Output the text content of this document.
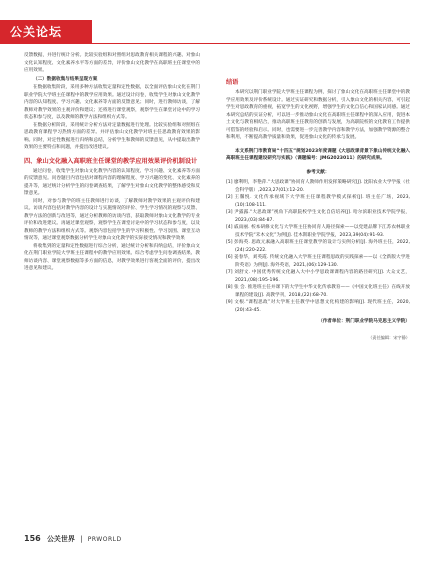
公关论坛

反馈数据，并进行统计分析。比较实验组和对照组对思政教育相关课程的兴趣、对象山文化认知程度、文化素养水平等方面的差异，评价象山文化教学在高职班主任课堂中的应用效果。

（二）数据收集与结果呈现方案

在数据收集阶段，采用多种方法收集定量和定性数据，以全面评估象山文化在荆门职业学院大学班主任课程中的教学应用效果。通过设计问卷，收集学生对象山文化教学内容的认知程度、学习兴趣、文化素养等方面的反馈意见；同时，进行教师访谈，了解教师对教学效果的主观评价和建议；还将进行课堂观察，观察学生在课堂讨论中的学习状态和参与度，以及教师的教学方法和组织方式等。

在数据分析阶段，采用统计分析方法对定量数据进行处理。比较实验组和对照组在思政教育课程学习热情方面的差异。并评估象山文化教学对班主任思政教育效果的影响。同时，对定性数据进行归纳和总结，分析学生和教师的反馈意见，从中提取出教学效果的主要特点和问题，并提出改进建议。

四、象山文化融入高职班主任课堂的教学应用效果评价机制设计

通过问卷，收集学生对象山文化教学内容的认知程度、学习兴趣、文化素养等方面的反馈意见。问卷题目内容包括对课程内容的理解程度、学习兴趣的变化、文化素养的提升等，通过统计分析学生的问卷调查结果，了解学生对象山文化教学的整体感受和反馈意见。

同时，对参与教学的班主任教师进行访谈，了解教师对教学效果的主观评价和建议。访谈内容包括对教学内容的设计与实施情况的评价、学生学习情况的观察与反馈、教学方法的创新与改进等，通过分析教师的访谈内容，获取教师对象山文化教学的专业评价和改进建议。再通过课堂观察，观察学生在课堂讨论中的学习状态和参与度，以及教师的教学方法和组织方式等。观察内容包括学生的学习积极性、学习氛围、课堂互动情况等，通过课堂观察数据分析学生对象山文化教学的实际接受情况和教学效果

将收集到的定量和定性数据进行综合分析，通过统计分析和归纳总结，评价象山文化在荆门职业学院大学班主任课程中的教学应用效果。综合考虑学生问卷调查结果、教师访谈内容、课堂观察数据等多方面的信息，对教学效果进行客观全面的评价，提出改进意见和建议。

结语

本研究以荆门职业学院大学班主任课程为例，探讨了象山文化在高职班主任课堂中的教学应用效果及评价系统设计。通过实证研究和数据分析，引入象山文化的相关内容，可引起学生对思政教育的重视，拓宽学生的文化视野，增强学生的文化自信心和国家认同感。通过本研究总结的实证分析，可以进一步推动象山文化在高职班主任课程中的深入应用，促进本土文化与教育相结合，推动高职班主任教育的创新与发展，为高职院校的文化教育工作提供可借鉴的经验和启示。同时，也需要进一步完善教学内容和教学方法，加强教学资源的整合和利用，不断提高教学质量和效果，促进象山文化的传承与发展。

本文系荆门市教育局“十四五”规划2023年度课题《大思政课背景下象山传统文化融入高职班主任课程建设研究与实践》（课题编号：JMG2023011）的研究成果。

参考文献：

[1] 廖利明，李艳萍.“大思政课”协同育人教师作用发挥策略研究[J]. 沈阳农业大学学报（社会科学版）,2023,27(01):12-20.

[2] 王馨悦. 文化传承视域下大学班主任课程教学模式探析[J]. 班主任广场，2023,(10):108-111.

[3] 尹露露.“大思政课”视角下高职院校学生文化自信培养[J]. 哈尔滨职业技术学院学报，2023,(03):84-87.

[4] 戚雨丽. 校本研修文化与大学班主任协同育人路径探索——以党建品牌下江苏农林职业技术学院“禾木文化”为例[J]. 佳木斯职业学院学报，2023,39(04):91-93.

[5] 彭海英. 思政元素融入高职班主任课堂教学的设计与实例分析[J]. 海外班主任，2022,(24):220-222.

[6] 姜春华，刘英霞. 传统文化融入大学班主任课程思政的实践探索——以《全新版大学进阶英语》为例[J]. 海外英语，2021,(06):129-130.

[7] 刘舒文. 中国优秀传统文化融入大中小学思政课课程内容的路径研究[J]. 大众文艺，2021,(08):195-196.

[8] 张 会. 推进班主任并课下的大学生中华文化传承教育——《中国文化班主任》在线开放课程的建设[J]. 高教学刊，2018,(22):68-70.

[9] 文根.“课程思政”对大学班主任教学中思想文化构建的影响[J]. 现代班主任，2020,(20):43-45.

（作者单位：荆门职业学院马克思主义学院）
（责任编辑：宋宇静）
156 公关世界 | PRWORLD
